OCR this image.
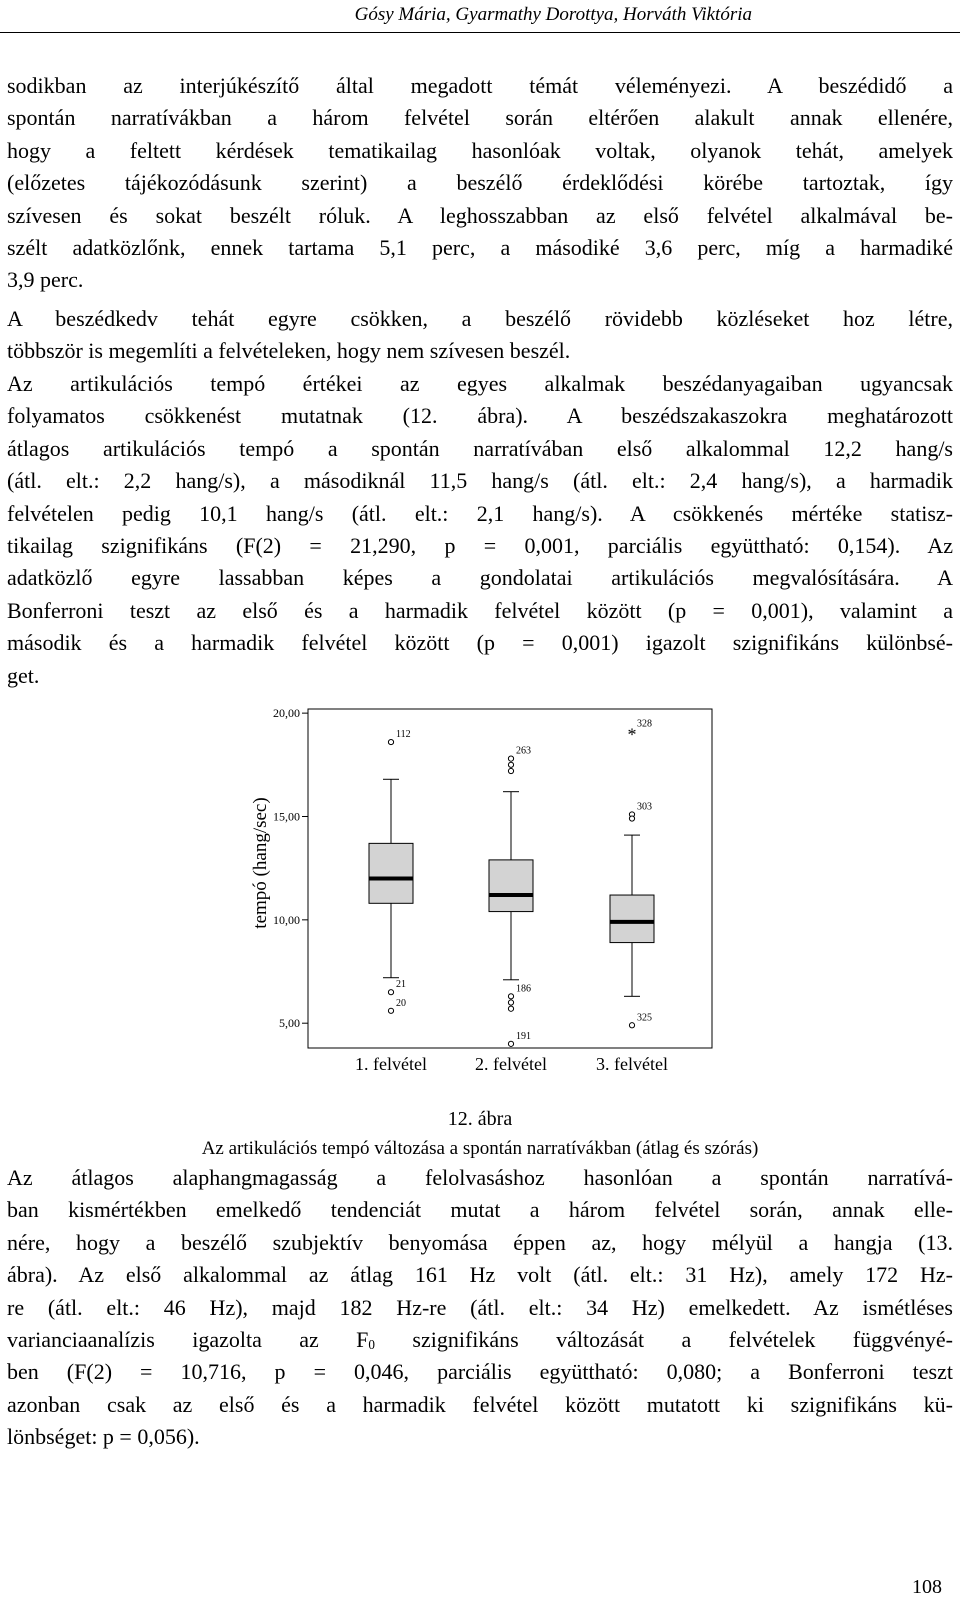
Gósy Mária, Gyarmathy Dorottya, Horváth Viktória
sodikban az interjúkészítő által megadott témát véleményezi. A beszédidő a
spontán narratívákban a három felvétel során eltérően alakult annak ellenére,
hogy a feltett kérdések tematikailag hasonlóak voltak, olyanok tehát, amelyek
(előzetes tájékozódásunk szerint) a beszélő érdeklődési körébe tartoztak, így
szívesen és sokat beszélt róluk. A leghosszabban az első felvétel alkalmával be-
szélt adatközlőnk, ennek tartama 5,1 perc, a másodiké 3,6 perc, míg a harmadiké
3,9 perc.
A beszédkedv tehát egyre csökken, a beszélő rövidebb közléseket hoz létre,
többször is megemlíti a felvételeken, hogy nem szívesen beszél.
Az artikulációs tempó értékei az egyes alkalmak beszédanyagaiban ugyancsak
folyamatos csökkenést mutatnak (12. ábra). A beszédszakaszokra meghatározott
átlagos artikulációs tempó a spontán narratívában első alkalommal 12,2 hang/s
(átl. elt.: 2,2 hang/s), a másodiknál 11,5 hang/s (átl. elt.: 2,4 hang/s), a harmadik
felvételen pedig 10,1 hang/s (átl. elt.: 2,1 hang/s). A csökkenés mértéke statisz-
tikailag szignifikáns (F(2) = 21,290, p = 0,001, parciális együttható: 0,154). Az
adatközlő egyre lassabban képes a gondolatai artikulációs megvalósítására. A
Bonferroni teszt az első és a harmadik felvétel között (p = 0,001), valamint a
második és a harmadik felvétel között (p = 0,001) igazolt szignifikáns különbsé-
get.
5,00
10,00
15,00
20,00
tempó (hang/sec)
112
21
20
1. felvétel
263
186
191
2. felvétel
*
328
303
325
3. felvétel
12. ábra
Az artikulációs tempó változása a spontán narratívákban (átlag és szórás)
Az átlagos alaphangmagasság a felolvasáshoz hasonlóan a spontán narratívá-
ban kismértékben emelkedő tendenciát mutat a három felvétel során, annak elle-
nére, hogy a beszélő szubjektív benyomása éppen az, hogy mélyül a hangja (13.
ábra). Az első alkalommal az átlag 161 Hz volt (átl. elt.: 31 Hz), amely 172 Hz-
re (átl. elt.: 46 Hz), majd 182 Hz-re (átl. elt.: 34 Hz) emelkedett. Az ismétléses
varianciaanalízis igazolta az $F_0$ szignifikáns változását a felvételek függvényé-
ben (F(2) = 10,716, p = 0,046, parciális együttható: 0,080; a Bonferroni teszt
azonban csak az első és a harmadik felvétel között mutatott ki szignifikáns kü-
lönbséget: p = 0,056).
108
